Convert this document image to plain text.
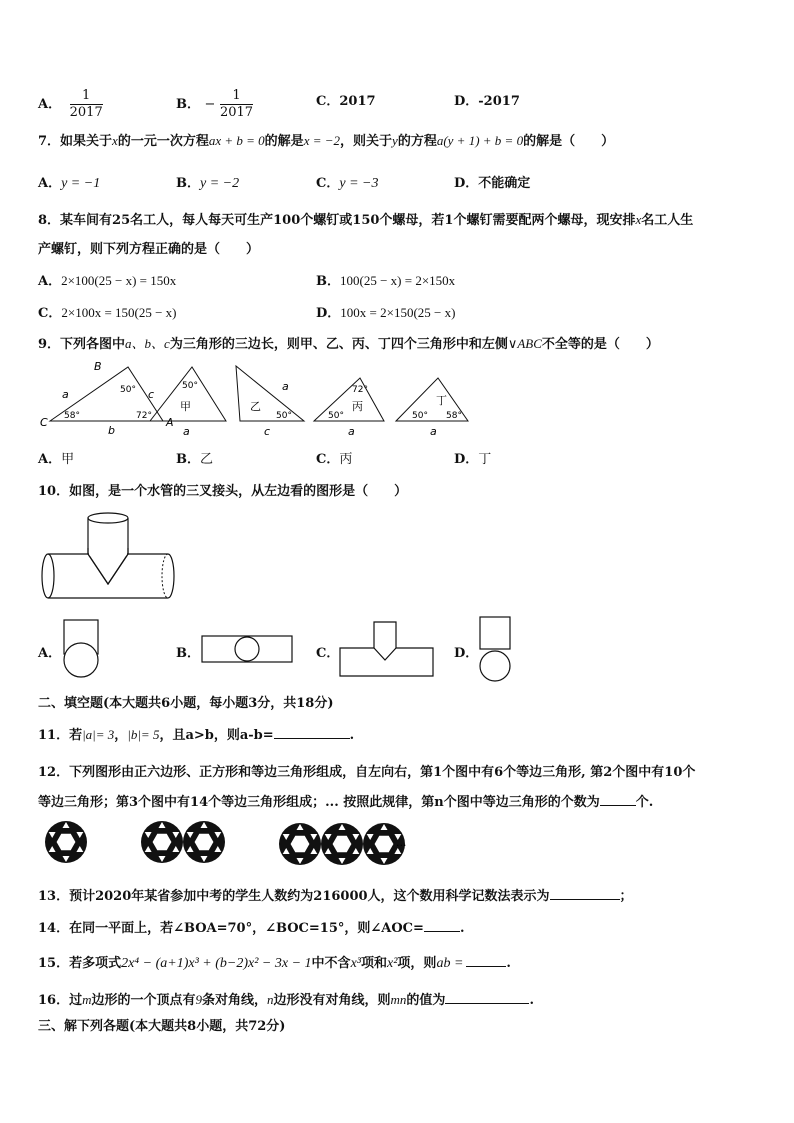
A． $\frac{1}{2017}$	B． − $\frac{1}{2017}$	C．2017	D．-2017
7．如果关于x的一元一次方程ax + b = 0的解是x = −2，则关于y的方程a(y + 1) + b = 0的解是（　　）
A．y = −1	B．y = −2	C．y = −3	D．不能确定
8．某车间有25名工人，每人每天可生产100个螺钉或150个螺母，若1个螺钉需要配两个螺母，现安排x名工人生
产螺钉，则下列方程正确的是（　　）
A．2×100(25 − x) = 150x	B．100(25 − x) = 2×150x
C．2×100x = 150(25 − x)	D．100x = 2×150(25 − x)
9．下列各图中a、b、c为三角形的三边长，则甲、乙、丙、丁四个三角形中和左侧∨ABC不全等的是（　　）
B
C	A
a	c
b
50°
58°	72°
50°
甲
a
a
乙
50°
c
72°
丙
50°
a
丁
50° 58°
a
A．甲	B．乙	C．丙	D．丁
10．如图，是一个水管的三叉接头，从左边看的图形是（　　）
A．	B．	C．	D．
二、填空题(本大题共6小题，每小题3分，共18分)
11．若|a|= 3，|b|= 5，且a>b，则a-b=	.
12．下列图形由正六边形、正方形和等边三角形组成，自左向右，第1个图中有6个等边三角形, 第2个图中有10个
等边三角形；第3个图中有14个等边三角形组成；... 按照此规律，第n个图中等边三角形的个数为	个.
...
13．预计2020年某省参加中考的学生人数约为216000人，这个数用科学记数法表示为	；
14．在同一平面上，若∠BOA=70°，∠BOC=15°，则∠AOC=	.
15．若多项式2x⁴ − (a+1)x³ + (b−2)x² − 3x − 1中不含x³项和x²项，则ab =	.
16．过m边形的一个顶点有9条对角线，n边形没有对角线，则mn的值为	.
三、解下列各题(本大题共8小题，共72分)
